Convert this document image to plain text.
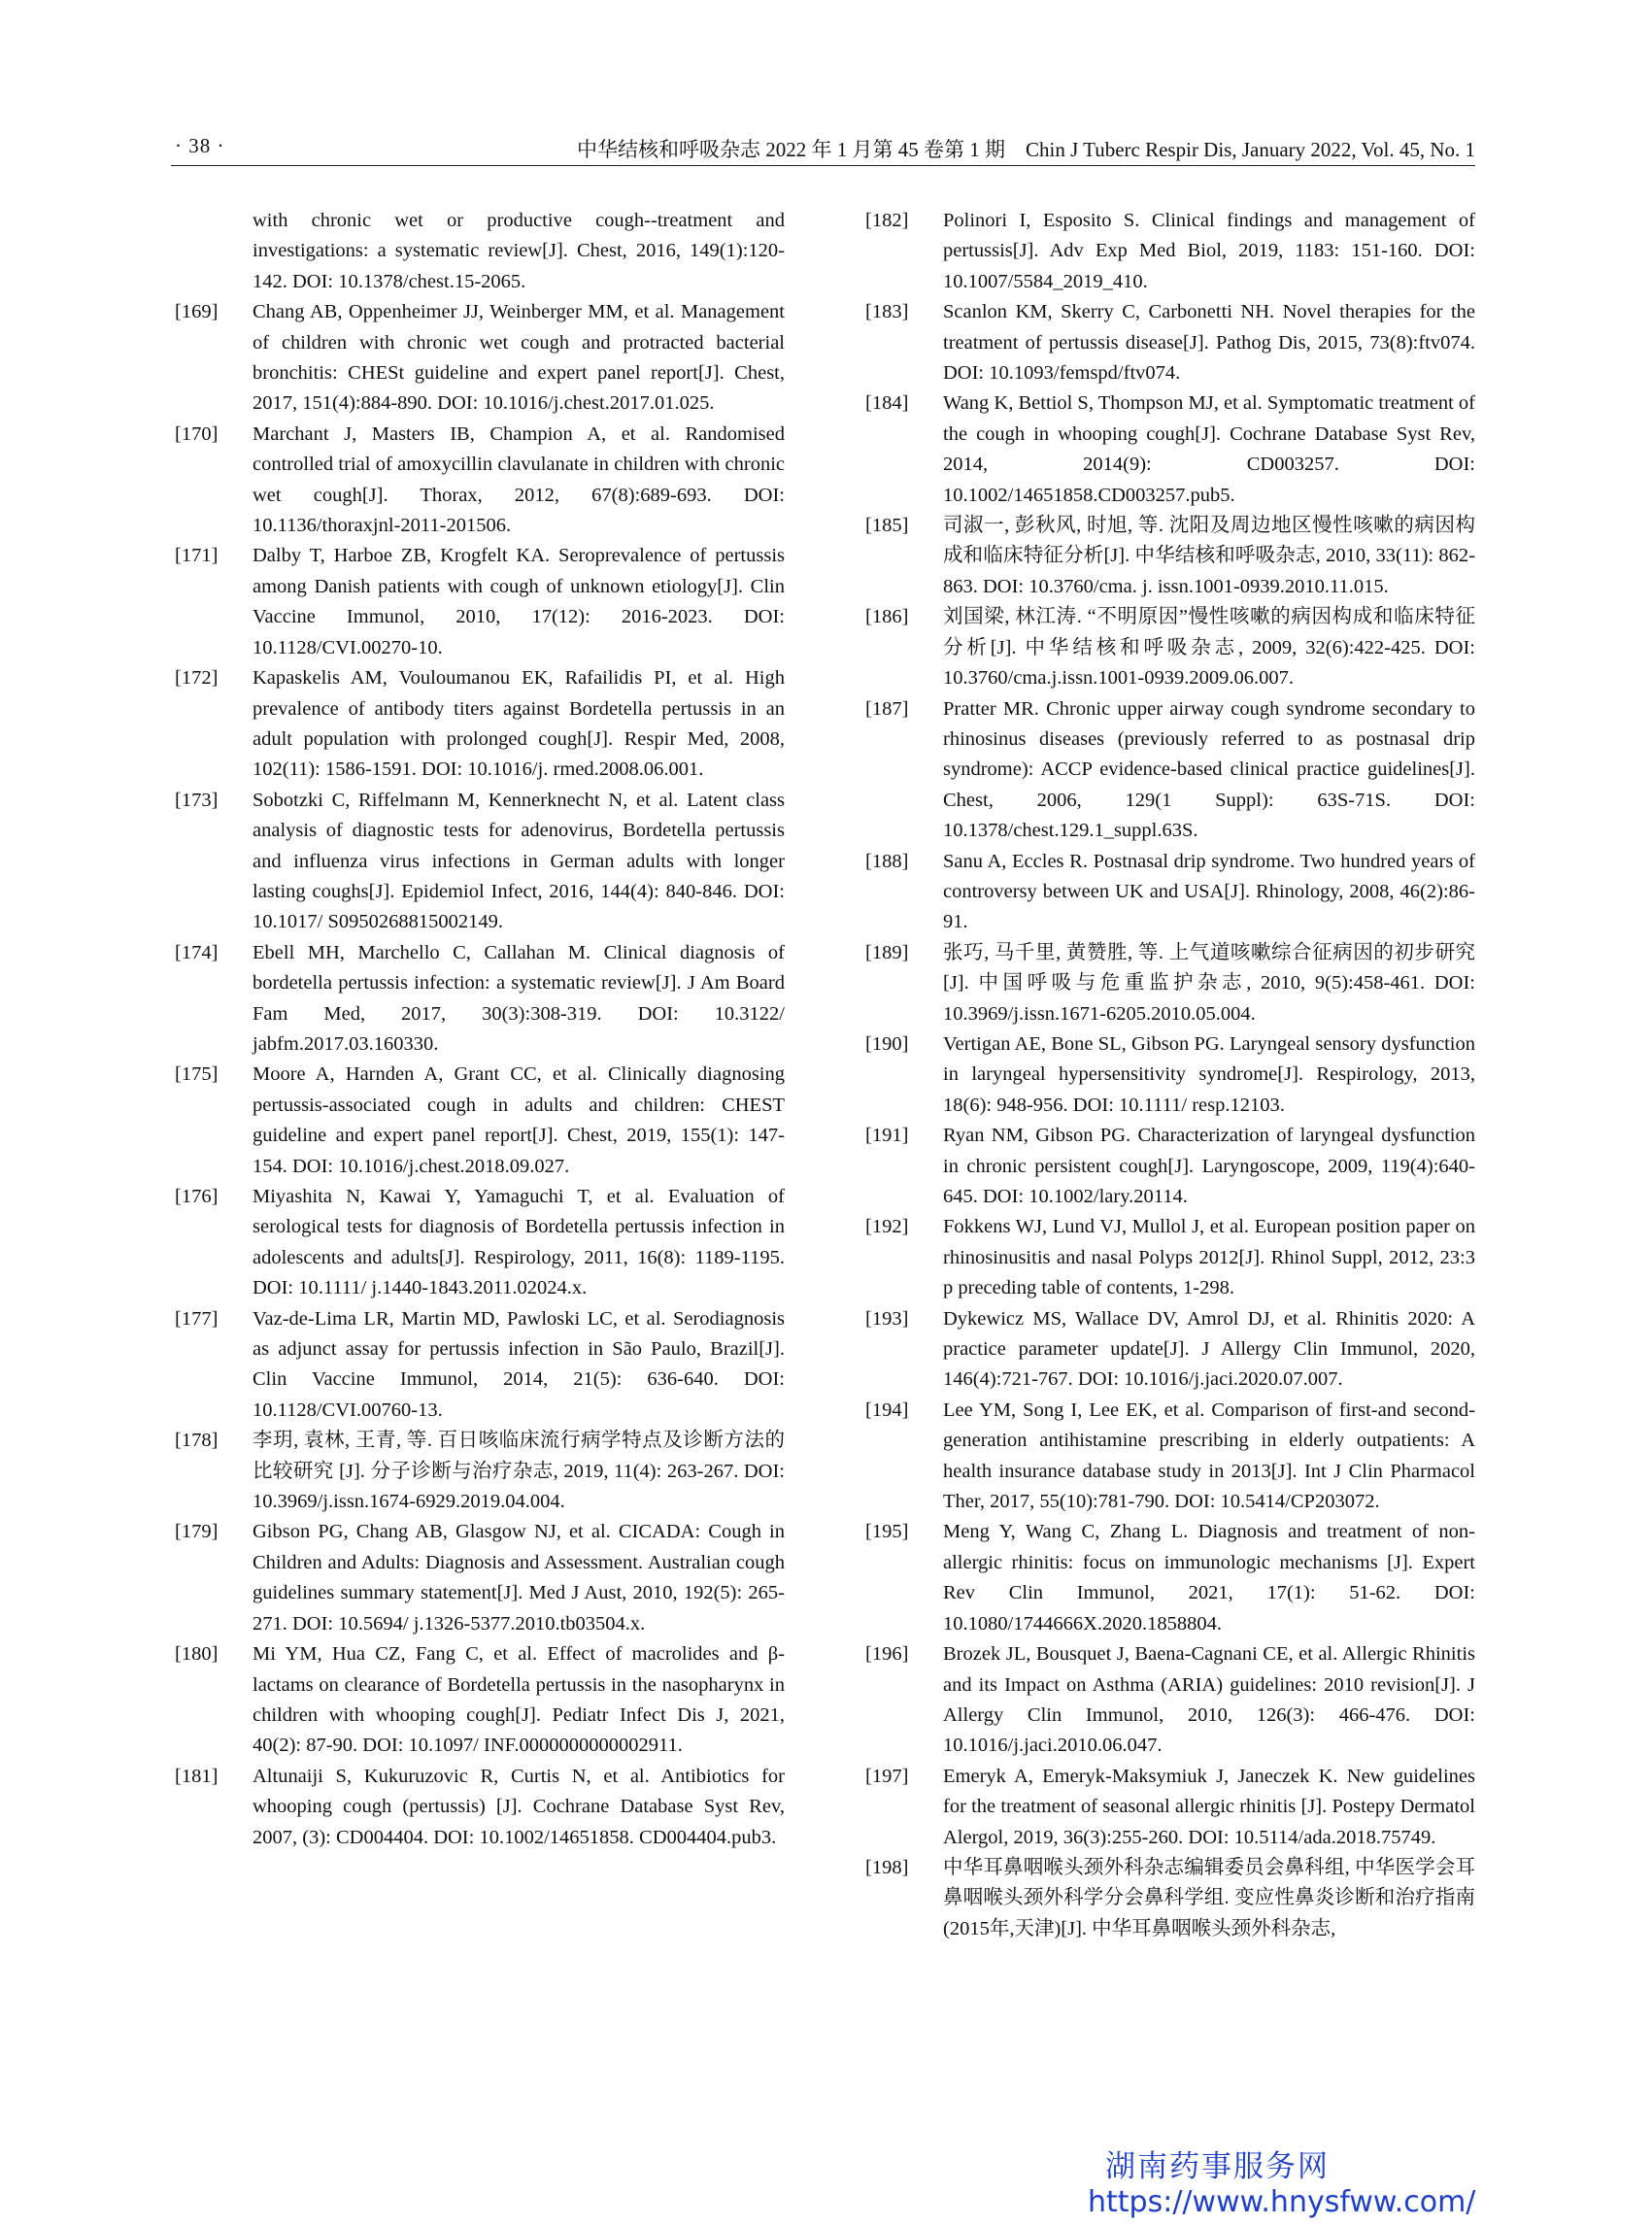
· 38 ·	中华结核和呼吸杂志 2022 年 1 月第 45 卷第 1 期　Chin J Tuberc Respir Dis, January 2022, Vol. 45, No. 1
with chronic wet or productive cough--treatment and investigations: a systematic review[J]. Chest, 2016, 149(1):120-142. DOI: 10.1378/chest.15-2065.
[169] Chang AB, Oppenheimer JJ, Weinberger MM, et al. Management of children with chronic wet cough and protracted bacterial bronchitis: CHESt guideline and expert panel report[J]. Chest, 2017, 151(4):884-890. DOI: 10.1016/j.chest.2017.01.025.
[170] Marchant J, Masters IB, Champion A, et al. Randomised controlled trial of amoxycillin clavulanate in children with chronic wet cough[J]. Thorax, 2012, 67(8):689-693. DOI: 10.1136/thoraxjnl-2011-201506.
[171] Dalby T, Harboe ZB, Krogfelt KA. Seroprevalence of pertussis among Danish patients with cough of unknown etiology[J]. Clin Vaccine Immunol, 2010, 17(12): 2016-2023. DOI: 10.1128/CVI.00270-10.
[172] Kapaskelis AM, Vouloumanou EK, Rafailidis PI, et al. High prevalence of antibody titers against Bordetella pertussis in an adult population with prolonged cough[J]. Respir Med, 2008, 102(11): 1586-1591. DOI: 10.1016/j. rmed.2008.06.001.
[173] Sobotzki C, Riffelmann M, Kennerknecht N, et al. Latent class analysis of diagnostic tests for adenovirus, Bordetella pertussis and influenza virus infections in German adults with longer lasting coughs[J]. Epidemiol Infect, 2016, 144(4): 840-846. DOI: 10.1017/ S0950268815002149.
[174] Ebell MH, Marchello C, Callahan M. Clinical diagnosis of bordetella pertussis infection: a systematic review[J]. J Am Board Fam Med, 2017, 30(3):308-319. DOI: 10.3122/ jabfm.2017.03.160330.
[175] Moore A, Harnden A, Grant CC, et al. Clinically diagnosing pertussis-associated cough in adults and children: CHEST guideline and expert panel report[J]. Chest, 2019, 155(1): 147-154. DOI: 10.1016/j.chest.2018.09.027.
[176] Miyashita N, Kawai Y, Yamaguchi T, et al. Evaluation of serological tests for diagnosis of Bordetella pertussis infection in adolescents and adults[J]. Respirology, 2011, 16(8): 1189-1195. DOI: 10.1111/ j.1440-1843.2011.02024.x.
[177] Vaz-de-Lima LR, Martin MD, Pawloski LC, et al. Serodiagnosis as adjunct assay for pertussis infection in São Paulo, Brazil[J]. Clin Vaccine Immunol, 2014, 21(5): 636-640. DOI: 10.1128/CVI.00760-13.
[178] 李玥, 袁林, 王青, 等. 百日咳临床流行病学特点及诊断方法的比较研究 [J]. 分子诊断与治疗杂志, 2019, 11(4): 263-267. DOI: 10.3969/j.issn.1674-6929.2019.04.004.
[179] Gibson PG, Chang AB, Glasgow NJ, et al. CICADA: Cough in Children and Adults: Diagnosis and Assessment. Australian cough guidelines summary statement[J]. Med J Aust, 2010, 192(5): 265-271. DOI: 10.5694/ j.1326-5377.2010.tb03504.x.
[180] Mi YM, Hua CZ, Fang C, et al. Effect of macrolides and β-lactams on clearance of Bordetella pertussis in the nasopharynx in children with whooping cough[J]. Pediatr Infect Dis J, 2021, 40(2): 87-90. DOI: 10.1097/ INF.0000000000002911.
[181] Altunaiji S, Kukuruzovic R, Curtis N, et al. Antibiotics for whooping cough (pertussis) [J]. Cochrane Database Syst Rev, 2007, (3): CD004404. DOI: 10.1002/14651858. CD004404.pub3.
[182] Polinori I, Esposito S. Clinical findings and management of pertussis[J]. Adv Exp Med Biol, 2019, 1183: 151-160. DOI: 10.1007/5584_2019_410.
[183] Scanlon KM, Skerry C, Carbonetti NH. Novel therapies for the treatment of pertussis disease[J]. Pathog Dis, 2015, 73(8):ftv074. DOI: 10.1093/femspd/ftv074.
[184] Wang K, Bettiol S, Thompson MJ, et al. Symptomatic treatment of the cough in whooping cough[J]. Cochrane Database Syst Rev, 2014, 2014(9): CD003257. DOI: 10.1002/14651858.CD003257.pub5.
[185] 司淑一, 彭秋风, 时旭, 等. 沈阳及周边地区慢性咳嗽的病因构成和临床特征分析[J]. 中华结核和呼吸杂志, 2010, 33(11): 862-863. DOI: 10.3760/cma. j. issn.1001-0939.2010.11.015.
[186] 刘国梁, 林江涛. “不明原因”慢性咳嗽的病因构成和临床特征分析[J]. 中华结核和呼吸杂志, 2009, 32(6):422-425. DOI: 10.3760/cma.j.issn.1001-0939.2009.06.007.
[187] Pratter MR. Chronic upper airway cough syndrome secondary to rhinosinus diseases (previously referred to as postnasal drip syndrome): ACCP evidence-based clinical practice guidelines[J]. Chest, 2006, 129(1 Suppl): 63S-71S. DOI: 10.1378/chest.129.1_suppl.63S.
[188] Sanu A, Eccles R. Postnasal drip syndrome. Two hundred years of controversy between UK and USA[J]. Rhinology, 2008, 46(2):86-91.
[189] 张巧, 马千里, 黄赞胜, 等. 上气道咳嗽综合征病因的初步研究[J]. 中国呼吸与危重监护杂志, 2010, 9(5):458-461. DOI: 10.3969/j.issn.1671-6205.2010.05.004.
[190] Vertigan AE, Bone SL, Gibson PG. Laryngeal sensory dysfunction in laryngeal hypersensitivity syndrome[J]. Respirology, 2013, 18(6): 948-956. DOI: 10.1111/ resp.12103.
[191] Ryan NM, Gibson PG. Characterization of laryngeal dysfunction in chronic persistent cough[J]. Laryngoscope, 2009, 119(4):640-645. DOI: 10.1002/lary.20114.
[192] Fokkens WJ, Lund VJ, Mullol J, et al. European position paper on rhinosinusitis and nasal Polyps 2012[J]. Rhinol Suppl, 2012, 23:3 p preceding table of contents, 1-298.
[193] Dykewicz MS, Wallace DV, Amrol DJ, et al. Rhinitis 2020: A practice parameter update[J]. J Allergy Clin Immunol, 2020, 146(4):721-767. DOI: 10.1016/j.jaci.2020.07.007.
[194] Lee YM, Song I, Lee EK, et al. Comparison of first-and second-generation antihistamine prescribing in elderly outpatients: A health insurance database study in 2013[J]. Int J Clin Pharmacol Ther, 2017, 55(10):781-790. DOI: 10.5414/CP203072.
[195] Meng Y, Wang C, Zhang L. Diagnosis and treatment of non-allergic rhinitis: focus on immunologic mechanisms [J]. Expert Rev Clin Immunol, 2021, 17(1): 51-62. DOI: 10.1080/1744666X.2020.1858804.
[196] Brozek JL, Bousquet J, Baena-Cagnani CE, et al. Allergic Rhinitis and its Impact on Asthma (ARIA) guidelines: 2010 revision[J]. J Allergy Clin Immunol, 2010, 126(3): 466-476. DOI: 10.1016/j.jaci.2010.06.047.
[197] Emeryk A, Emeryk-Maksymiuk J, Janeczek K. New guidelines for the treatment of seasonal allergic rhinitis [J]. Postepy Dermatol Alergol, 2019, 36(3):255-260. DOI: 10.5114/ada.2018.75749.
[198] 中华耳鼻咽喉头颈外科杂志编辑委员会鼻科组, 中华医学会耳鼻咽喉头颈外科学分会鼻科学组. 变应性鼻炎诊断和治疗指南(2015年,天津)[J]. 中华耳鼻咽喉头颈外科杂志,
湖南药事服务网
https://www.hnysfww.com/
